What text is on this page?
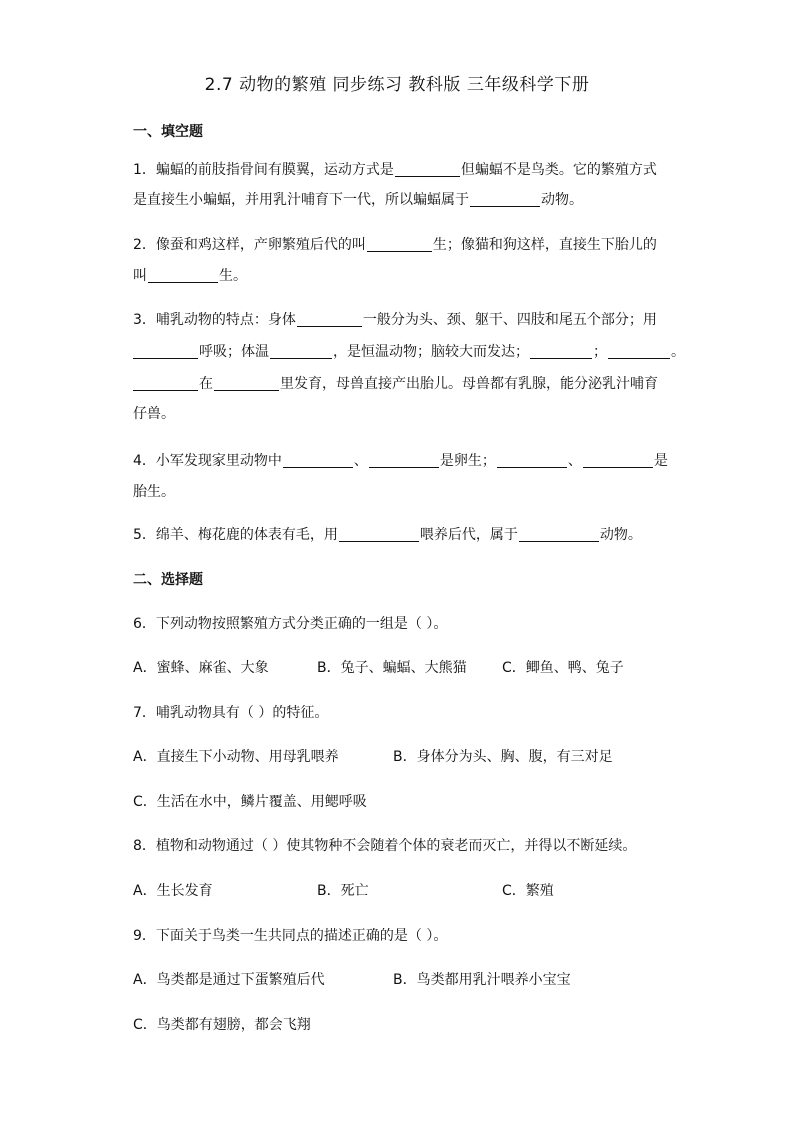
2.7 动物的繁殖 同步练习 教科版 三年级科学下册
一、填空题
1．蝙蝠的前肢指骨间有膜翼，运动方式是	但蝙蝠不是鸟类。它的繁殖方式
是直接生小蝙蝠，并用乳汁哺育下一代，所以蝙蝠属于	动物。
2．像蚕和鸡这样，产卵繁殖后代的叫	生；像猫和狗这样，直接生下胎儿的
叫	生。
3．哺乳动物的特点：身体	一般分为头、颈、躯干、四肢和尾五个部分；用
呼吸；体温	，是恒温动物；脑较大而发达；	；	。
在	里发育，母兽直接产出胎儿。母兽都有乳腺，能分泌乳汁哺育
仔兽。
4．小军发现家里动物中	、	是卵生；	、	是
胎生。
5．绵羊、梅花鹿的体表有毛，用	喂养后代，属于	动物。
二、选择题
6．下列动物按照繁殖方式分类正确的一组是（ ）。
A．蜜蜂、麻雀、大象	B．兔子、蝙蝠、大熊猫	C．鲫鱼、鸭、兔子
7．哺乳动物具有（ ）的特征。
A．直接生下小动物、用母乳喂养	B．身体分为头、胸、腹，有三对足
C．生活在水中，鳞片覆盖、用鳃呼吸
8．植物和动物通过（ ）使其物种不会随着个体的衰老而灭亡，并得以不断延续。
A．生长发育	B．死亡	C．繁殖
9．下面关于鸟类一生共同点的描述正确的是（ ）。
A．鸟类都是通过下蛋繁殖后代	B．鸟类都用乳汁喂养小宝宝
C．鸟类都有翅膀，都会飞翔
